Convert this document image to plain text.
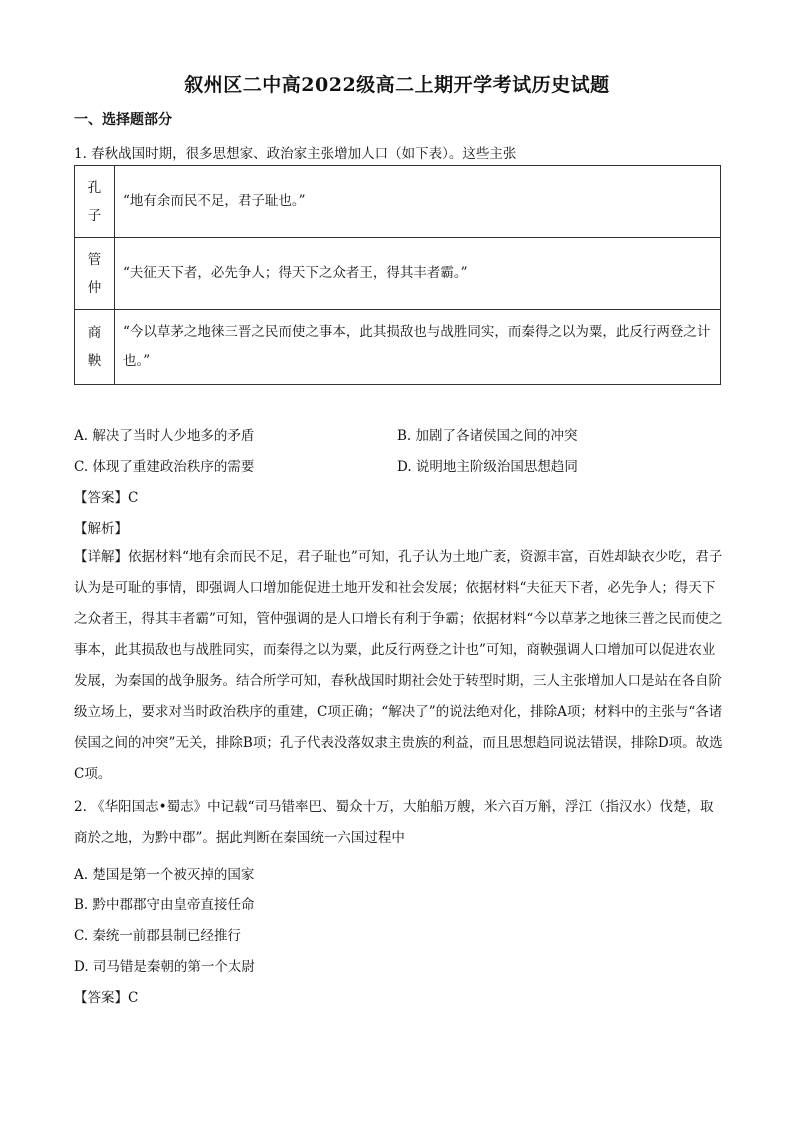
叙州区二中高2022级高二上期开学考试历史试题
一、选择题部分
1. 春秋战国时期，很多思想家、政治家主张增加人口（如下表）。这些主张
孔
子	“地有余而民不足，君子耻也。”

管
仲	“夫征天下者，必先争人；得天下之众者王，得其丰者霸。”

商
鞅	“今以草茅之地徕三晋之民而使之事本，此其损敌也与战胜同实，而秦得之以为粟，此反行两登之计也。”
A. 解决了当时人少地多的矛盾	B. 加剧了各诸侯国之间的冲突
C. 体现了重建政治秩序的需要	D. 说明地主阶级治国思想趋同
【答案】C
【解析】
【详解】依据材料“地有余而民不足，君子耻也”可知，孔子认为土地广袤，资源丰富，百姓却缺衣少吃，君子认为是可耻的事情，即强调人口增加能促进土地开发和社会发展；依据材料“夫征天下者，必先争人；得天下之众者王，得其丰者霸”可知，管仲强调的是人口增长有利于争霸；依据材料“今以草茅之地徕三普之民而使之事本，此其损敌也与战胜同实，而秦得之以为粟，此反行两登之计也”可知，商鞅强调人口增加可以促进农业发展，为秦国的战争服务。结合所学可知，春秋战国时期社会处于转型时期，三人主张增加人口是站在各自阶级立场上，要求对当时政治秩序的重建，C项正确；“解决了”的说法绝对化，排除A项；材料中的主张与“各诸侯国之间的冲突”无关，排除B项；孔子代表没落奴隶主贵族的利益，而且思想趋同说法错误，排除D项。故选C项。
2. 《华阳国志•蜀志》中记载“司马错率巴、蜀众十万，大舶船万艘，米六百万斛，浮江（指汉水）伐楚，取商於之地，为黔中郡”。据此判断在秦国统一六国过程中
A. 楚国是第一个被灭掉的国家
B. 黔中郡郡守由皇帝直接任命
C. 秦统一前郡县制已经推行
D. 司马错是秦朝的第一个太尉
【答案】C
